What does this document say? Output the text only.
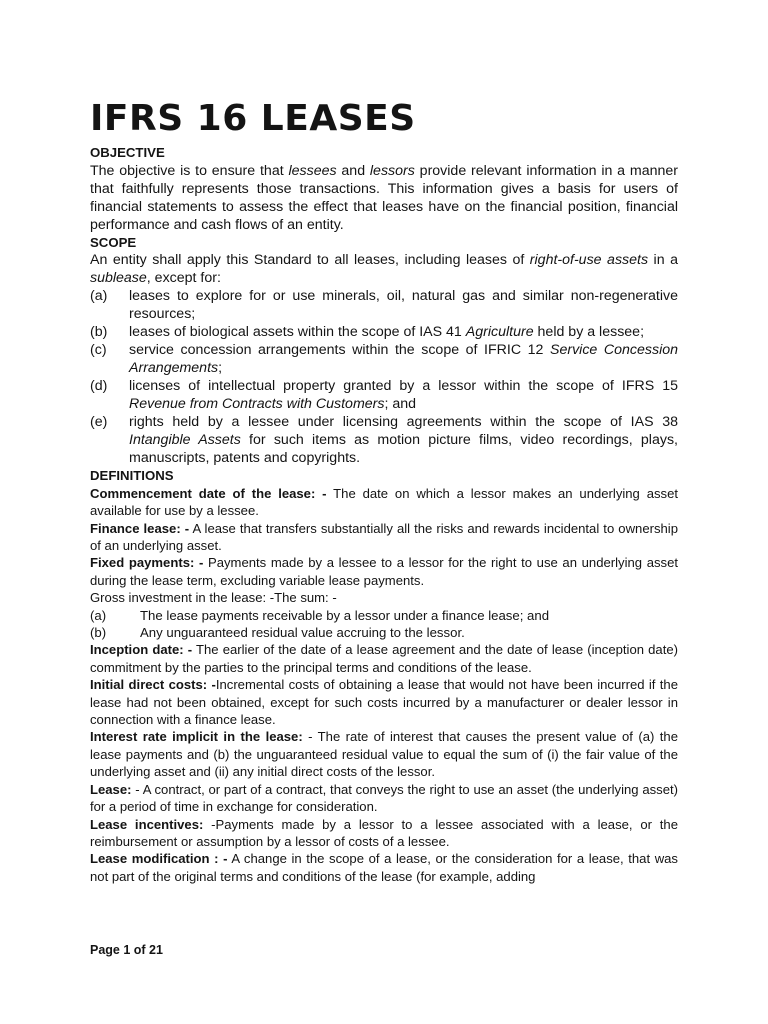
IFRS 16 LEASES
OBJECTIVE

The objective is to ensure that lessees and lessors provide relevant information in a manner that faithfully represents those transactions. This information gives a basis for users of financial statements to assess the effect that leases have on the financial position, financial performance and cash flows of an entity.

SCOPE

An entity shall apply this Standard to all leases, including leases of right-of-use assets in a sublease, except for:

(a)	leases to explore for or use minerals, oil, natural gas and similar non-regenerative resources;
(b)	leases of biological assets within the scope of IAS 41 Agriculture held by a lessee;
(c)	service concession arrangements within the scope of IFRIC 12 Service Concession Arrangements;
(d)	licenses of intellectual property granted by a lessor within the scope of IFRS 15 Revenue from Contracts with Customers; and
(e)	rights held by a lessee under licensing agreements within the scope of IAS 38 Intangible Assets for such items as motion picture films, video recordings, plays, manuscripts, patents and copyrights.
DEFINITIONS

Commencement date of the lease: - The date on which a lessor makes an underlying asset available for use by a lessee.

Finance lease: - A lease that transfers substantially all the risks and rewards incidental to ownership of an underlying asset.

Fixed payments: - Payments made by a lessee to a lessor for the right to use an underlying asset during the lease term, excluding variable lease payments.

Gross investment in the lease: -The sum: -

(a)	The lease payments receivable by a lessor under a finance lease; and
(b)	Any unguaranteed residual value accruing to the lessor.

Inception date: - The earlier of the date of a lease agreement and the date of lease (inception date) commitment by the parties to the principal terms and conditions of the lease.

Initial direct costs: -Incremental costs of obtaining a lease that would not have been incurred if the lease had not been obtained, except for such costs incurred by a manufacturer or dealer lessor in connection with a finance lease.

Interest rate implicit in the lease: - The rate of interest that causes the present value of (a) the lease payments and (b) the unguaranteed residual value to equal the sum of (i) the fair value of the underlying asset and (ii) any initial direct costs of the lessor.

Lease: - A contract, or part of a contract, that conveys the right to use an asset (the underlying asset) for a period of time in exchange for consideration.

Lease incentives: -Payments made by a lessor to a lessee associated with a lease, or the reimbursement or assumption by a lessor of costs of a lessee.

Lease modification : - A change in the scope of a lease, or the consideration for a lease, that was not part of the original terms and conditions of the lease (for example, adding

Page 1 of 21
